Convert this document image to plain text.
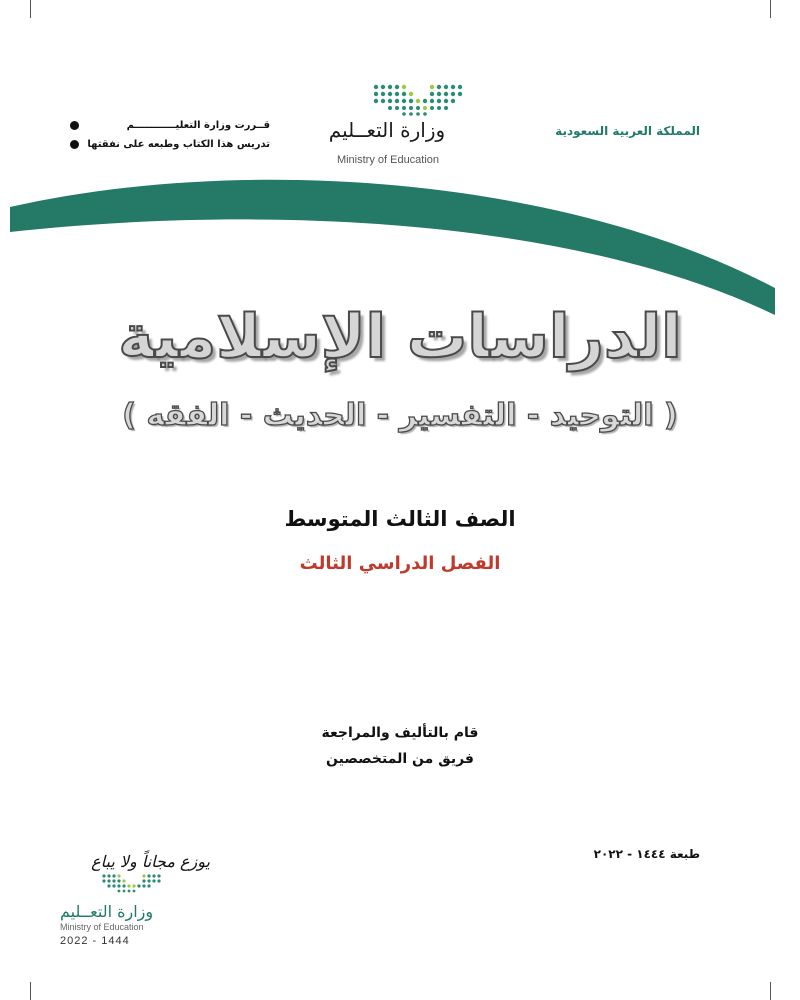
المملكة العربية السعودية
وزارة التعــليم
Ministry of Education
قــررت وزارة التعليــــــــــــم
تدريس هذا الكتاب وطبعه على نفقتها
الدراسات الإسلامية
( التوحيد - التفسير - الحديث - الفقه )
الصف الثالث المتوسط
الفصل الدراسي الثالث
قام بالتأليف والمراجعة
فريق من المتخصصين
طبعة ١٤٤٤ - ٢٠٢٢
يوزع مجاناً ولا يباع
وزارة التعــليم
Ministry of Education
2022 - 1444
